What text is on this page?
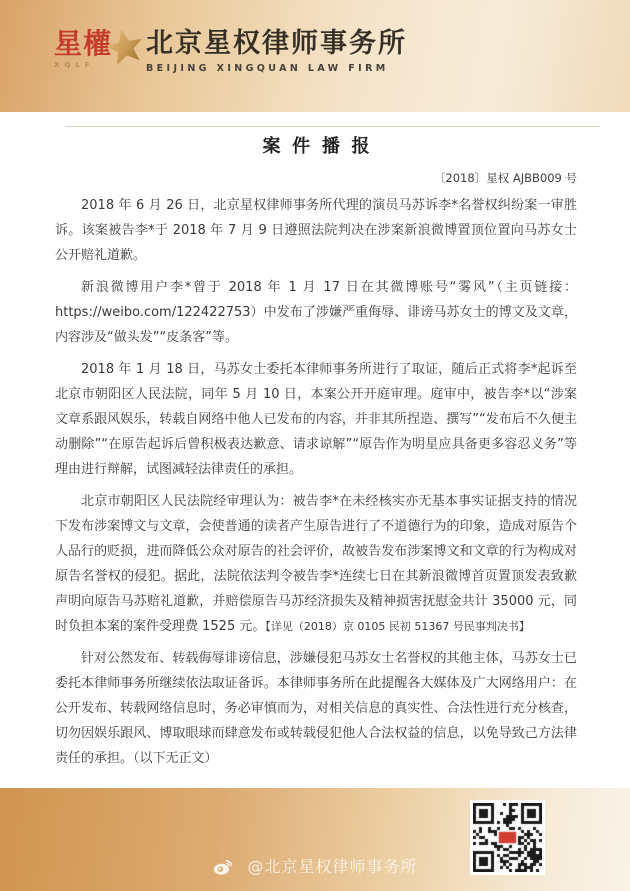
星權
XQLF
北京星权律师事务所
BEIJING XINGQUAN LAW FIRM
案件播报
〔2018〕星权 AJBB009 号

2018 年 6 月 26 日，北京星权律师事务所代理的演员马苏诉李*名誉权纠纷案一审胜诉。该案被告李*于 2018 年 7 月 9 日遵照法院判决在涉案新浪微博置顶位置向马苏女士公开赔礼道歉。

新浪微博用户李*曾于 2018 年 1 月 17 日在其微博账号“雾风”（主页链接：https://weibo.com/122422753）中发布了涉嫌严重侮辱、诽谤马苏女士的博文及文章，内容涉及“做头发”“皮条客”等。

2018 年 1 月 18 日，马苏女士委托本律师事务所进行了取证，随后正式将李*起诉至北京市朝阳区人民法院，同年 5 月 10 日，本案公开开庭审理。庭审中，被告李*以“涉案文章系跟风娱乐，转载自网络中他人已发布的内容，并非其所捏造、撰写”“发布后不久便主动删除”“在原告起诉后曾积极表达歉意、请求谅解”“原告作为明星应具备更多容忍义务”等理由进行辩解，试图减轻法律责任的承担。

北京市朝阳区人民法院经审理认为：被告李*在未经核实亦无基本事实证据支持的情况下发布涉案博文与文章，会使普通的读者产生原告进行了不道德行为的印象，造成对原告个人品行的贬损，进而降低公众对原告的社会评价，故被告发布涉案博文和文章的行为构成对原告名誉权的侵犯。据此，法院依法判令被告李*连续七日在其新浪微博首页置顶发表致歉声明向原告马苏赔礼道歉，并赔偿原告马苏经济损失及精神损害抚慰金共计 35000 元，同时负担本案的案件受理费 1525 元。【详见（2018）京 0105 民初 51367 号民事判决书】

针对公然发布、转载侮辱诽谤信息，涉嫌侵犯马苏女士名誉权的其他主体，马苏女士已委托本律师事务所继续依法取证备诉。本律师事务所在此提醒各大媒体及广大网络用户：在公开发布、转载网络信息时，务必审慎而为，对相关信息的真实性、合法性进行充分核查，切勿因娱乐跟风、博取眼球而肆意发布或转载侵犯他人合法权益的信息，以免导致己方法律责任的承担。（以下无正文）

@北京星权律师事务所
